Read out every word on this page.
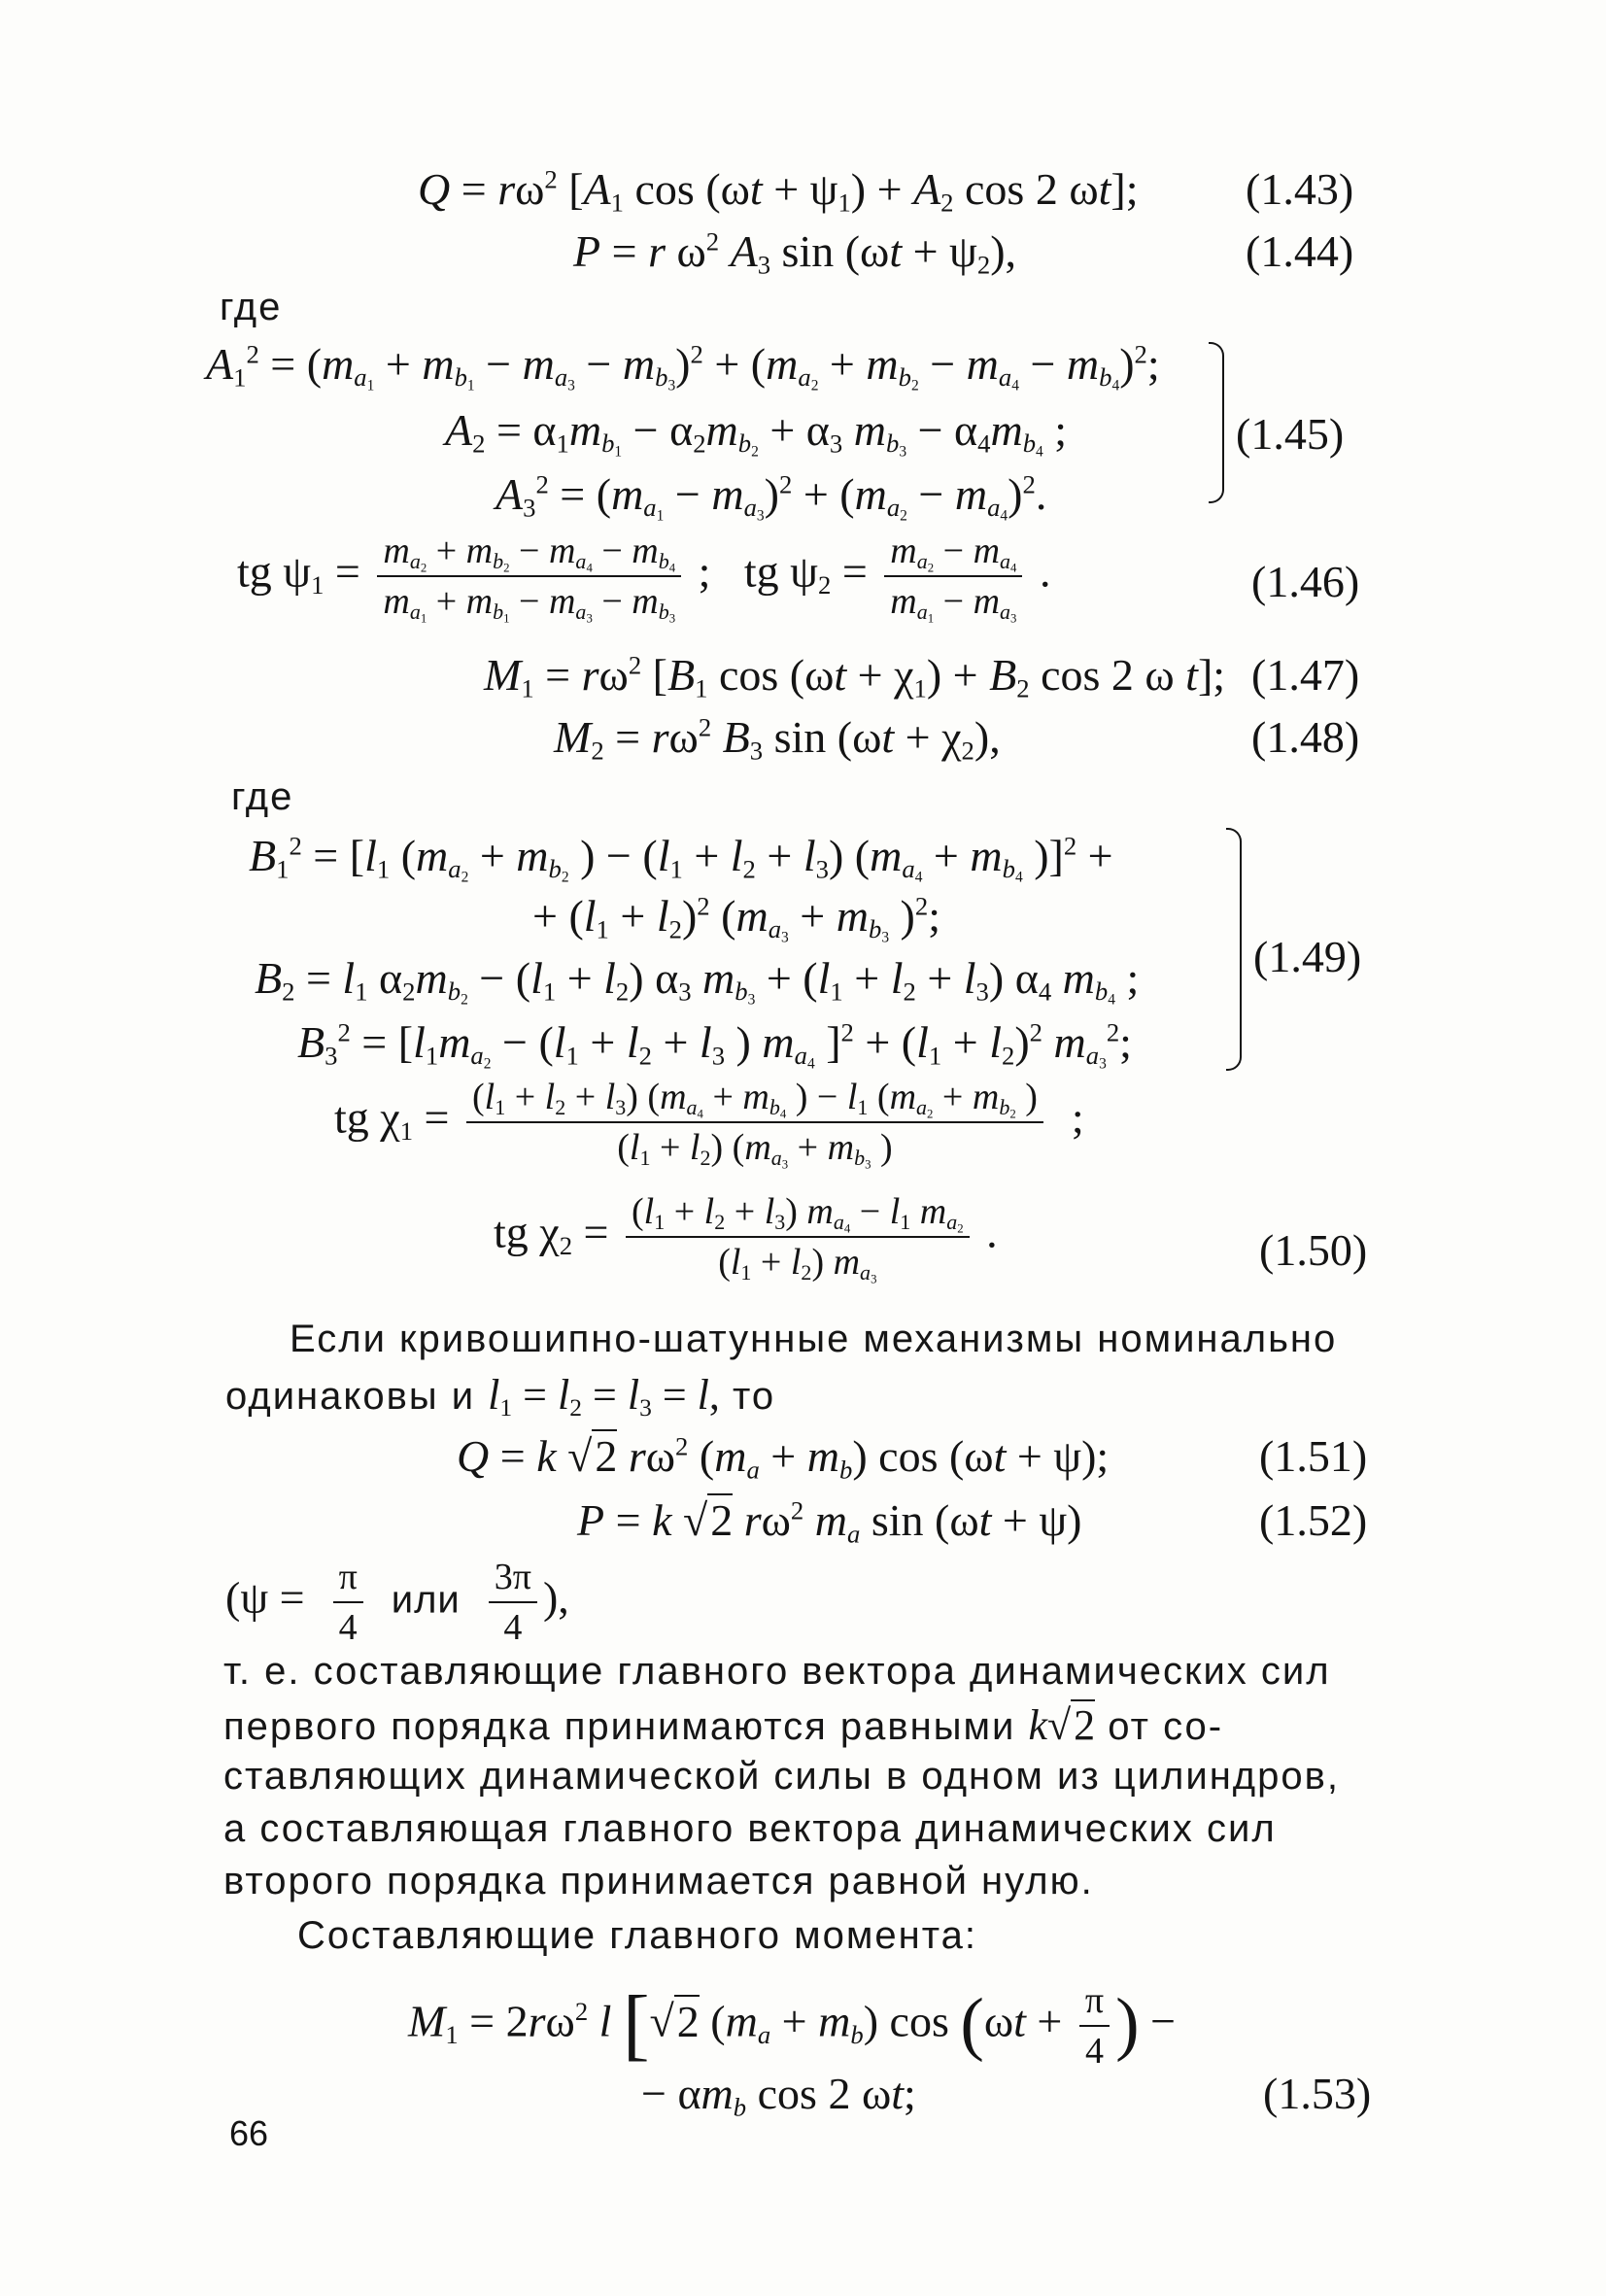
$Q = r\omega^2$ [$A_1$ $\cos (\omega t + \psi_1) + A_2$ cos 2 ωt]; (1.43)
P = r $\omega^2$ $A_3$ $\sin (\omega t + \psi_2)$,	(1.44)
где
$A_1^2 = (m_{a_1} + m_{b_1} - m_{a_3} - m_{b_3})^2 + (m_{a_2} + m_{b_2} - m_{a_4} - m_{b_4})^2$;
$A_2 = \alpha_1m_{b_1} - \alpha_2m_{b_2} + \alpha_3$ $m_{b_3} - \alpha_4m_{b_4}$ ;
$A_3^2 = (m_{a_1} - m_{a_3})^2 + (m_{a_2} - m_{a_4})^2$.
(1.45)
tg $\psi_1 = \frac{m_{a_2} + m_{b_2} - m_{a_4} - m_{b_4}}{m_{a_1} + m_{b_1} - m_{a_3} - m_{b_3}}$ ;   tg $\psi_2 = \frac{m_{a_2} - m_{a_4}}{m_{a_1} - m_{a_3}}$ .	(1.46)
$M_1 = r\omega^2$ [$B_1$ $\cos (\omega t + \chi_1) + B_2$ cos 2 ω t]; (1.47)
$M_2 = r\omega^2$ $B_3$ $\sin (\omega t + \chi_2)$,	(1.48)
где
$B_1^2 = [l_1$ ($m_{a_2} + m_{b_2}$ ) − $(l_1 + l_2 + l_3) (m_{a_4} + m_{b_4}$ )]$^2$ +
+ $(l_1 + l_2)^2$ ($m_{a_3} + m_{b_3}$ )$^2$;
$B_2 = l_1$ $\alpha_2m_{b_2} - (l_1 + l_2)$ $\alpha_3$ $m_{b_3} + (l_1 + l_2 + l_3)$ $\alpha_4$ $m_{b_4}$ ;
$B_3^2 = [l_1m_{a_2} - (l_1 + l_2 + l_3$ ) $m_{a_4}$ ]$^2 + (l_1 + l_2)^2$ $m_{a_3}^2$;
(1.49)
tg $\chi_1 = \frac{(l_1 + l_2 + l_3) (m_{a_4} + m_{b_4} ) - l_1 (m_{a_2} + m_{b_2} )}{(l_1 + l_2) (m_{a_3} + m_{b_3} )}$ ;
tg $\chi_2 = \frac{(l_1 + l_2 + l_3) m_{a_4} - l_1 m_{a_2}}{(l_1 + l_2) m_{a_3}}$ .	(1.50)
Если кривошипно-шатунные механизмы номинально
одинаковы и $l_1 = l_2 = l_3 = l$, то
Q = k √2 $r\omega^2$ $(m_a + m_b)$ cos (ωt + ψ);	(1.51)
P = k √2 $r\omega^2$ $m_a$ sin (ωt + ψ)	(1.52)
($\psi = \frac{\pi}{4}$ или $\frac{3\pi}{4}$ ),
т. е. составляющие главного вектора динамических сил
первого порядка принимаются равными k√2 от со-
ставляющих динамической силы в одном из цилиндров,
а составляющая главного вектора динамических сил
второго порядка принимается равной нулю.
Составляющие главного момента:
$M_1 = 2r\omega^2$ l [√2 $(m_a + m_b)$ $\cos (\omega t + \frac{\pi}{4}$ ) −
− $\alpha m_b$ cos 2 ωt;	(1.53)
66
